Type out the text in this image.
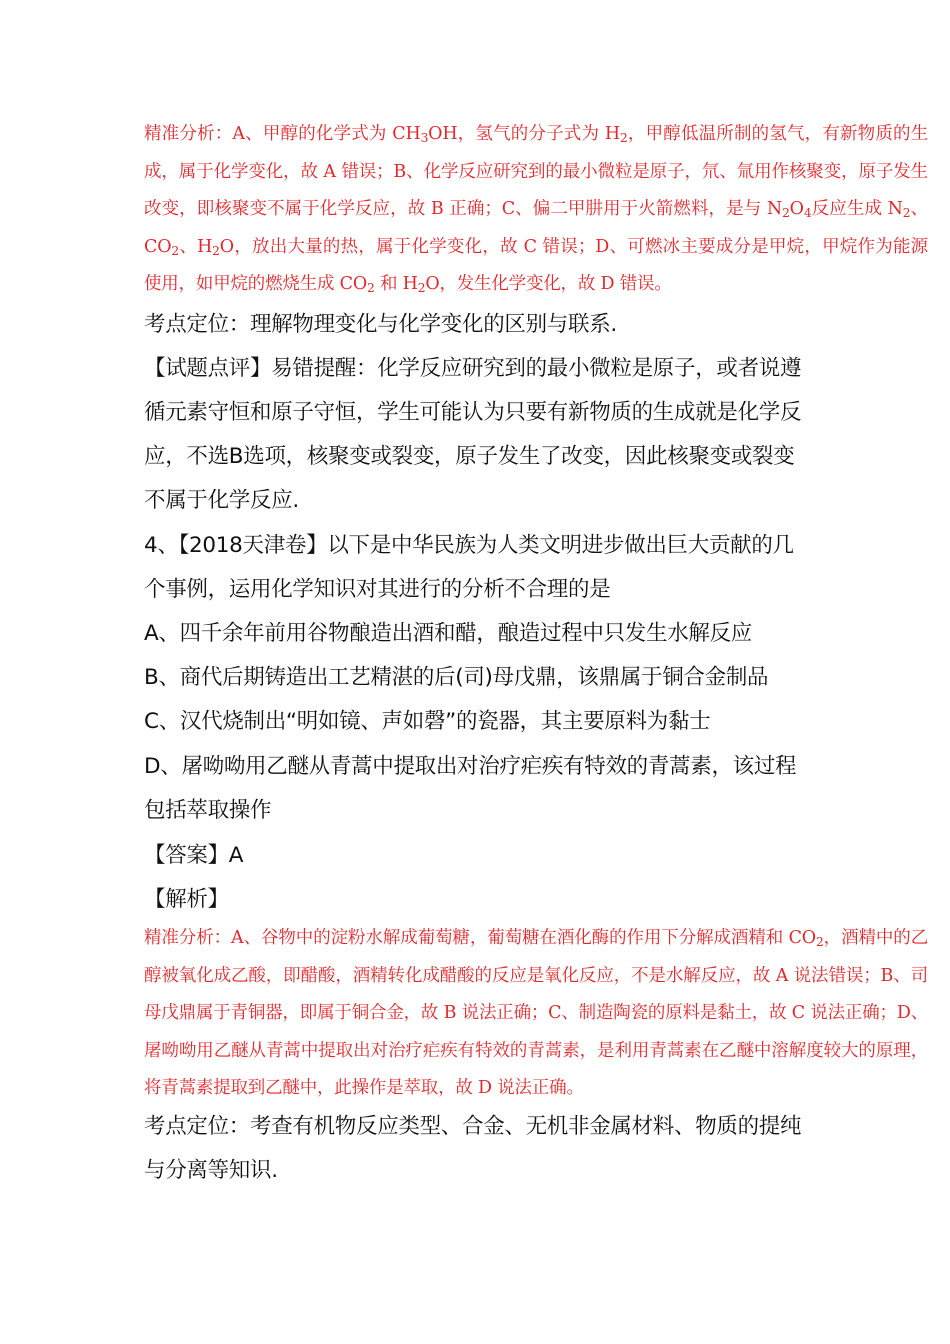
精准分析：A、甲醇的化学式为 $CH_3OH$，氢气的分子式为 $H_2$，甲醇低温所制的氢气，有新物质的生成，属于化学变化，故 A 错误；B、化学反应研究到的最小微粒是原子，氘、氚用作核聚变，原子发生改变，即核聚变不属于化学反应，故 B 正确；C、偏二甲肼用于火箭燃料，是与 $N_2O_4$反应生成 $N_2$、$CO_2$、$H_2O$，放出大量的热，属于化学变化，故 C 错误；D、可燃冰主要成分是甲烷，甲烷作为能源使用，如甲烷的燃烧生成 $CO_2$ 和 $H_2O$，发生化学变化，故 D 错误。
考点定位：理解物理变化与化学变化的区别与联系.
【试题点评】易错提醒：化学反应研究到的最小微粒是原子，或者说遵循元素守恒和原子守恒，学生可能认为只要有新物质的生成就是化学反应，不选B选项，核聚变或裂变，原子发生了改变，因此核聚变或裂变不属于化学反应.
4、【2018天津卷】以下是中华民族为人类文明进步做出巨大贡献的几个事例，运用化学知识对其进行的分析不合理的是
A、四千余年前用谷物酿造出酒和醋，酿造过程中只发生水解反应
B、商代后期铸造出工艺精湛的后(司)母戊鼎，该鼎属于铜合金制品
C、汉代烧制出“明如镜、声如磬”的瓷器，其主要原料为黏士
D、屠呦呦用乙醚从青蒿中提取出对治疗疟疾有特效的青蒿素，该过程包括萃取操作
【答案】A
【解析】
精准分析：A、谷物中的淀粉水解成葡萄糖，葡萄糖在酒化酶的作用下分解成酒精和 $CO_2$，酒精中的乙醇被氧化成乙酸，即醋酸，酒精转化成醋酸的反应是氧化反应，不是水解反应，故 A 说法错误；B、司母戊鼎属于青铜器，即属于铜合金，故 B 说法正确；C、制造陶瓷的原料是黏土，故 C 说法正确；D、屠呦呦用乙醚从青蒿中提取出对治疗疟疾有特效的青蒿素，是利用青蒿素在乙醚中溶解度较大的原理，将青蒿素提取到乙醚中，此操作是萃取，故 D 说法正确。
考点定位：考查有机物反应类型、合金、无机非金属材料、物质的提纯与分离等知识.
